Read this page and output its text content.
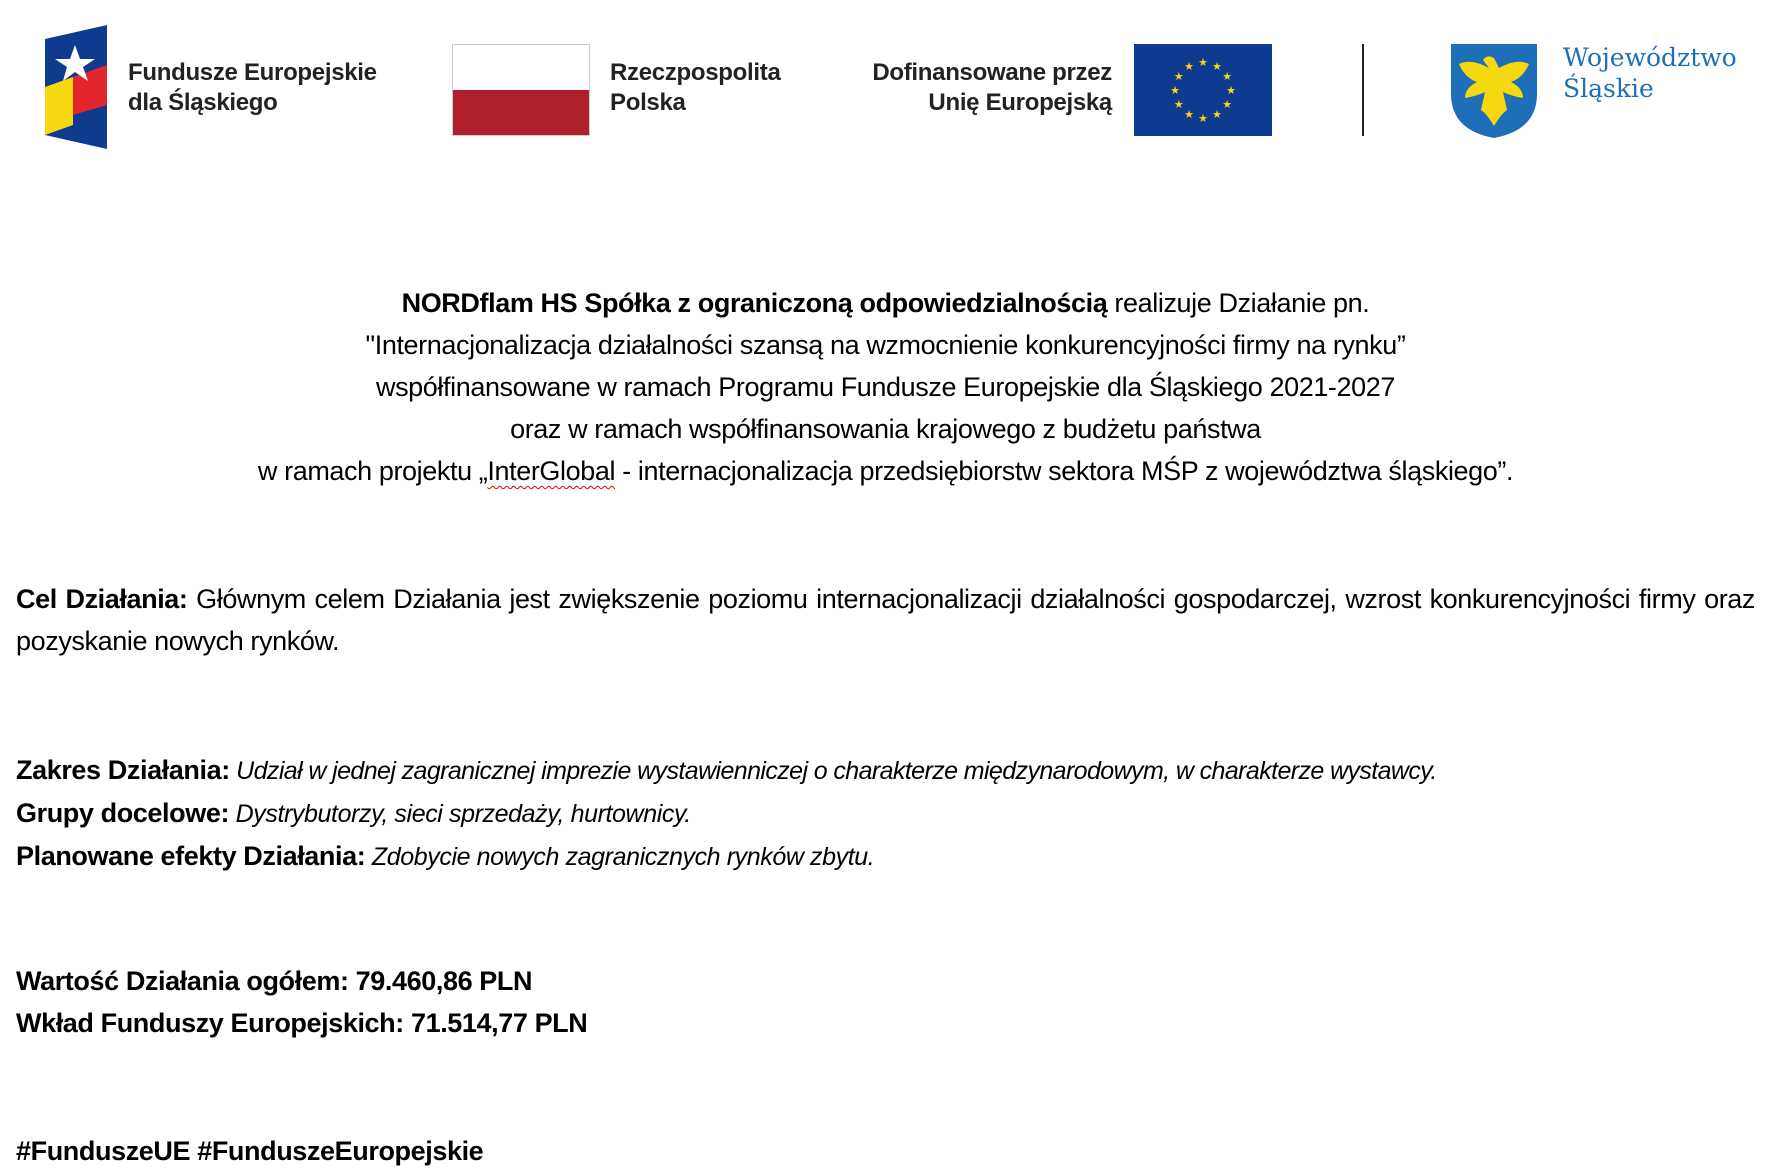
Fundusze Europejskie
dla Śląskiego
Rzeczpospolita
Polska
Dofinansowane przez
Unię Europejską
★ ★
★
★
★
★
★
★
★
★
★
★	Województwo
Śląskie
NORDflam HS Spółka z ograniczoną odpowiedzialnością realizuje Działanie pn.
"Internacjonalizacja działalności szansą na wzmocnienie konkurencyjności firmy na rynku”
współfinansowane w ramach Programu Fundusze Europejskie dla Śląskiego 2021-2027
oraz w ramach współfinansowania krajowego z budżetu państwa
w ramach projektu „InterGlobal - internacjonalizacja przedsiębiorstw sektora MŚP z województwa śląskiego”.
Cel Działania: Głównym celem Działania jest zwiększenie poziomu internacjonalizacji działalności gospodarczej, wzrost konkurencyjności firmy oraz pozyskanie nowych rynków.
Zakres Działania: Udział w jednej zagranicznej imprezie wystawienniczej o charakterze międzynarodowym, w charakterze wystawcy.
Grupy docelowe: Dystrybutorzy, sieci sprzedaży, hurtownicy.
Planowane efekty Działania: Zdobycie nowych zagranicznych rynków zbytu.
Wartość Działania ogółem: 79.460,86 PLN
Wkład Funduszy Europejskich: 71.514,77 PLN
#FunduszeUE #FunduszeEuropejskie
